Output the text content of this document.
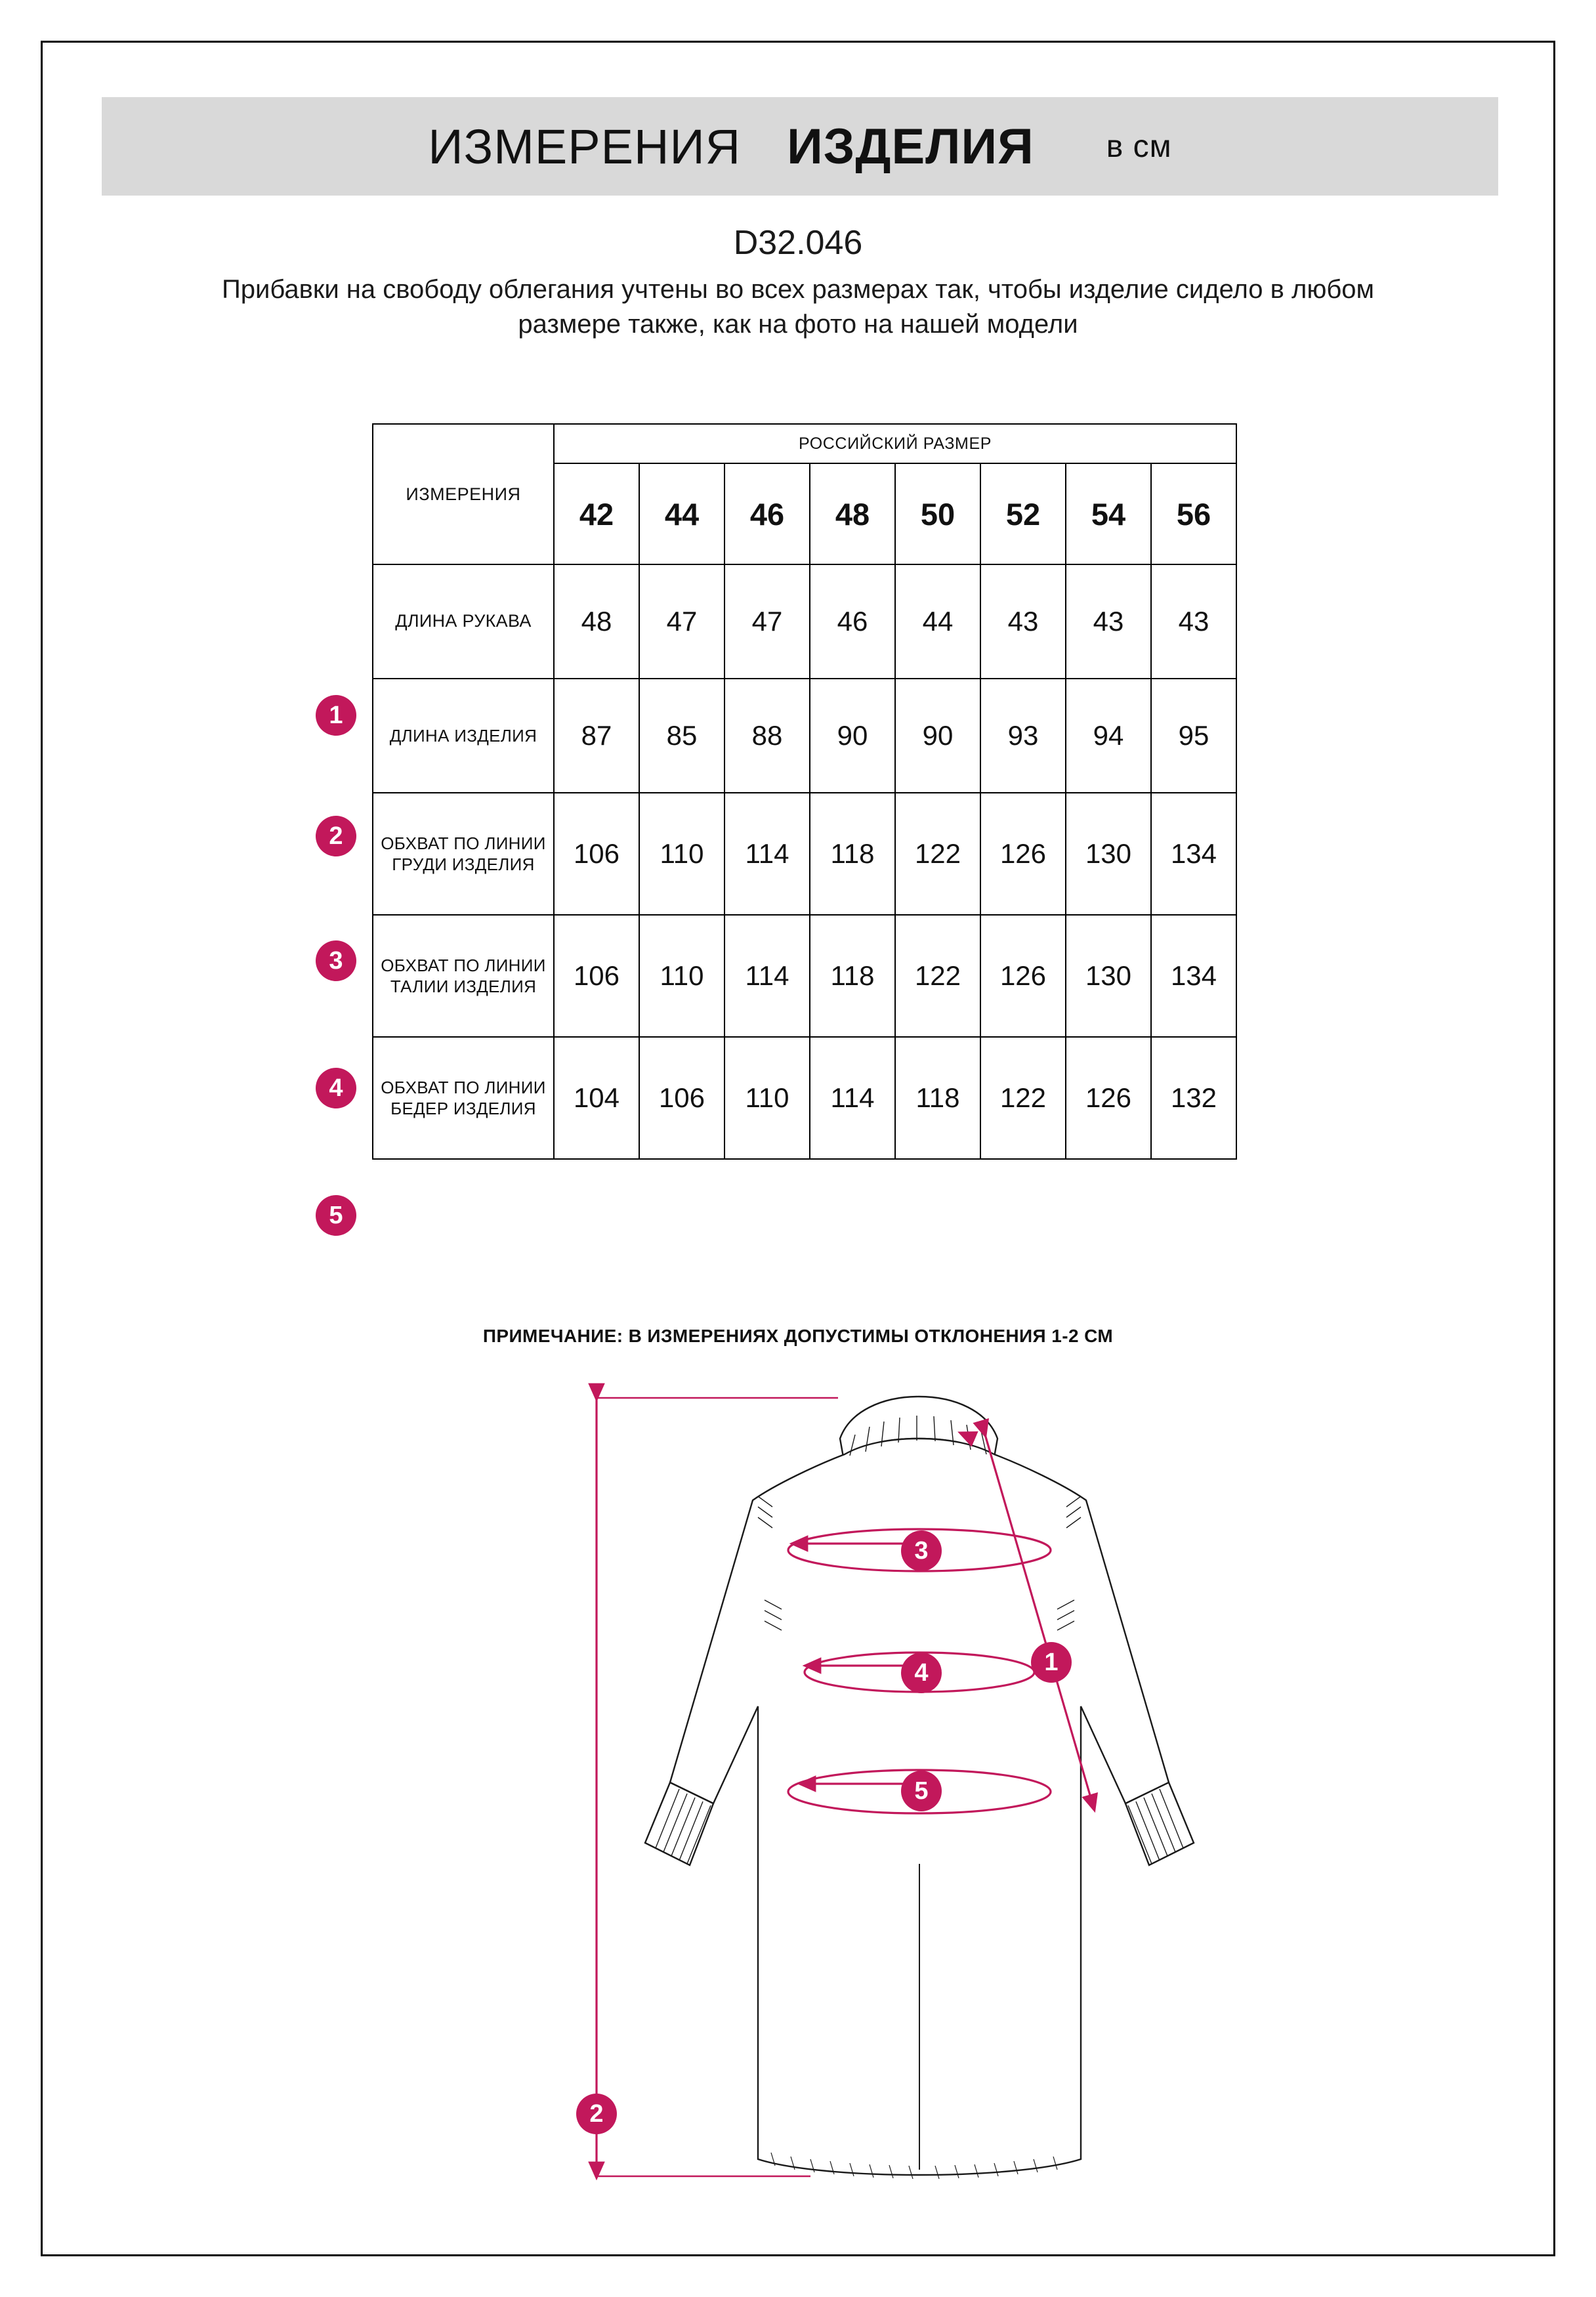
ИЗМЕРЕНИЯ ИЗДЕЛИЯ в см
D32.046
Прибавки на свободу облегания учтены во всех размерах так, чтобы изделие сидело в любом размере также, как на фото на нашей модели
ИЗМЕРЕНИЯ	РОССИЙСКИЙ РАЗМЕР							
	42	44	46	48	50	52	54	56
ДЛИНА РУКАВА	48	47	47	46	44	43	43	43
ДЛИНА ИЗДЕЛИЯ	87	85	88	90	90	93	94	95
ОБХВАТ ПО ЛИНИИ ГРУДИ ИЗДЕЛИЯ	106	110	114	118	122	126	130	134
ОБХВАТ ПО ЛИНИИ ТАЛИИ ИЗДЕЛИЯ	106	110	114	118	122	126	130	134
ОБХВАТ ПО ЛИНИИ БЕДЕР ИЗДЕЛИЯ	104	106	110	114	118	122	126	132
1
2
3
4
5
ПРИМЕЧАНИЕ: В ИЗМЕРЕНИЯХ ДОПУСТИМЫ ОТКЛОНЕНИЯ 1-2 СМ
3
4
5
1
2
